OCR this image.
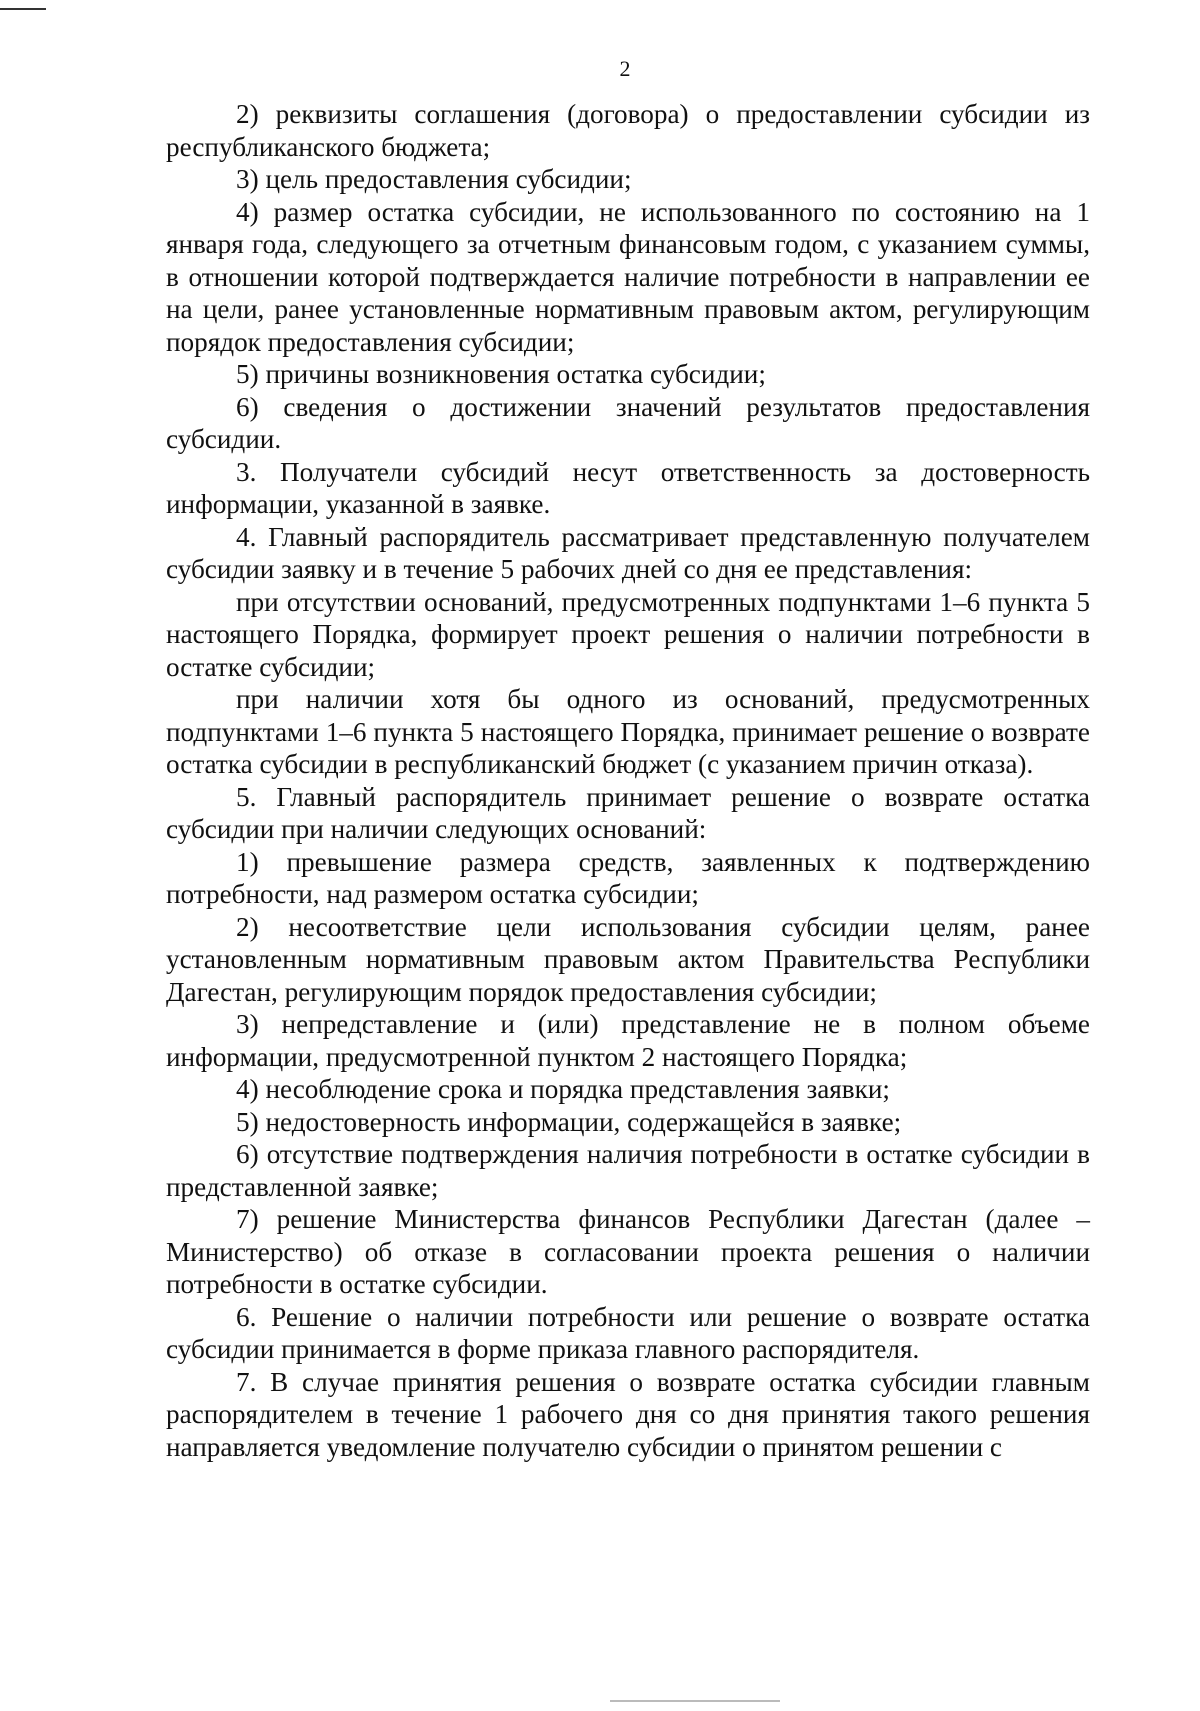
2

2) реквизиты соглашения (договора) о предоставлении субсидии из республиканского бюджета;

3) цель предоставления субсидии;

4) размер остатка субсидии, не использованного по состоянию на 1 января года, следующего за отчетным финансовым годом, с указанием суммы, в отношении которой подтверждается наличие потребности в направлении ее на цели, ранее установленные нормативным правовым актом, регулирующим порядок предоставления субсидии;

5) причины возникновения остатка субсидии;

6) сведения о достижении значений результатов предоставления субсидии.

3. Получатели субсидий несут ответственность за достоверность информации, указанной в заявке.

4. Главный распорядитель рассматривает представленную получателем субсидии заявку и в течение 5 рабочих дней со дня ее представления:

при отсутствии оснований, предусмотренных подпунктами 1–6 пункта 5 настоящего Порядка, формирует проект решения о наличии потребности в остатке субсидии;

при наличии хотя бы одного из оснований, предусмотренных подпунктами 1–6 пункта 5 настоящего Порядка, принимает решение о возврате остатка субсидии в республиканский бюджет (с указанием причин отказа).

5. Главный распорядитель принимает решение о возврате остатка субсидии при наличии следующих оснований:

1) превышение размера средств, заявленных к подтверждению потребности, над размером остатка субсидии;

2) несоответствие цели использования субсидии целям, ранее установленным нормативным правовым актом Правительства Республики Дагестан, регулирующим порядок предоставления субсидии;

3) непредставление и (или) представление не в полном объеме информации, предусмотренной пунктом 2 настоящего Порядка;

4) несоблюдение срока и порядка представления заявки;

5) недостоверность информации, содержащейся в заявке;

6) отсутствие подтверждения наличия потребности в остатке субсидии в представленной заявке;

7) решение Министерства финансов Республики Дагестан (далее – Министерство) об отказе в согласовании проекта решения о наличии потребности в остатке субсидии.

6. Решение о наличии потребности или решение о возврате остатка субсидии принимается в форме приказа главного распорядителя.

7. В случае принятия решения о возврате остатка субсидии главным распорядителем в течение 1 рабочего дня со дня принятия такого решения направляется уведомление получателю субсидии о принятом решении с
